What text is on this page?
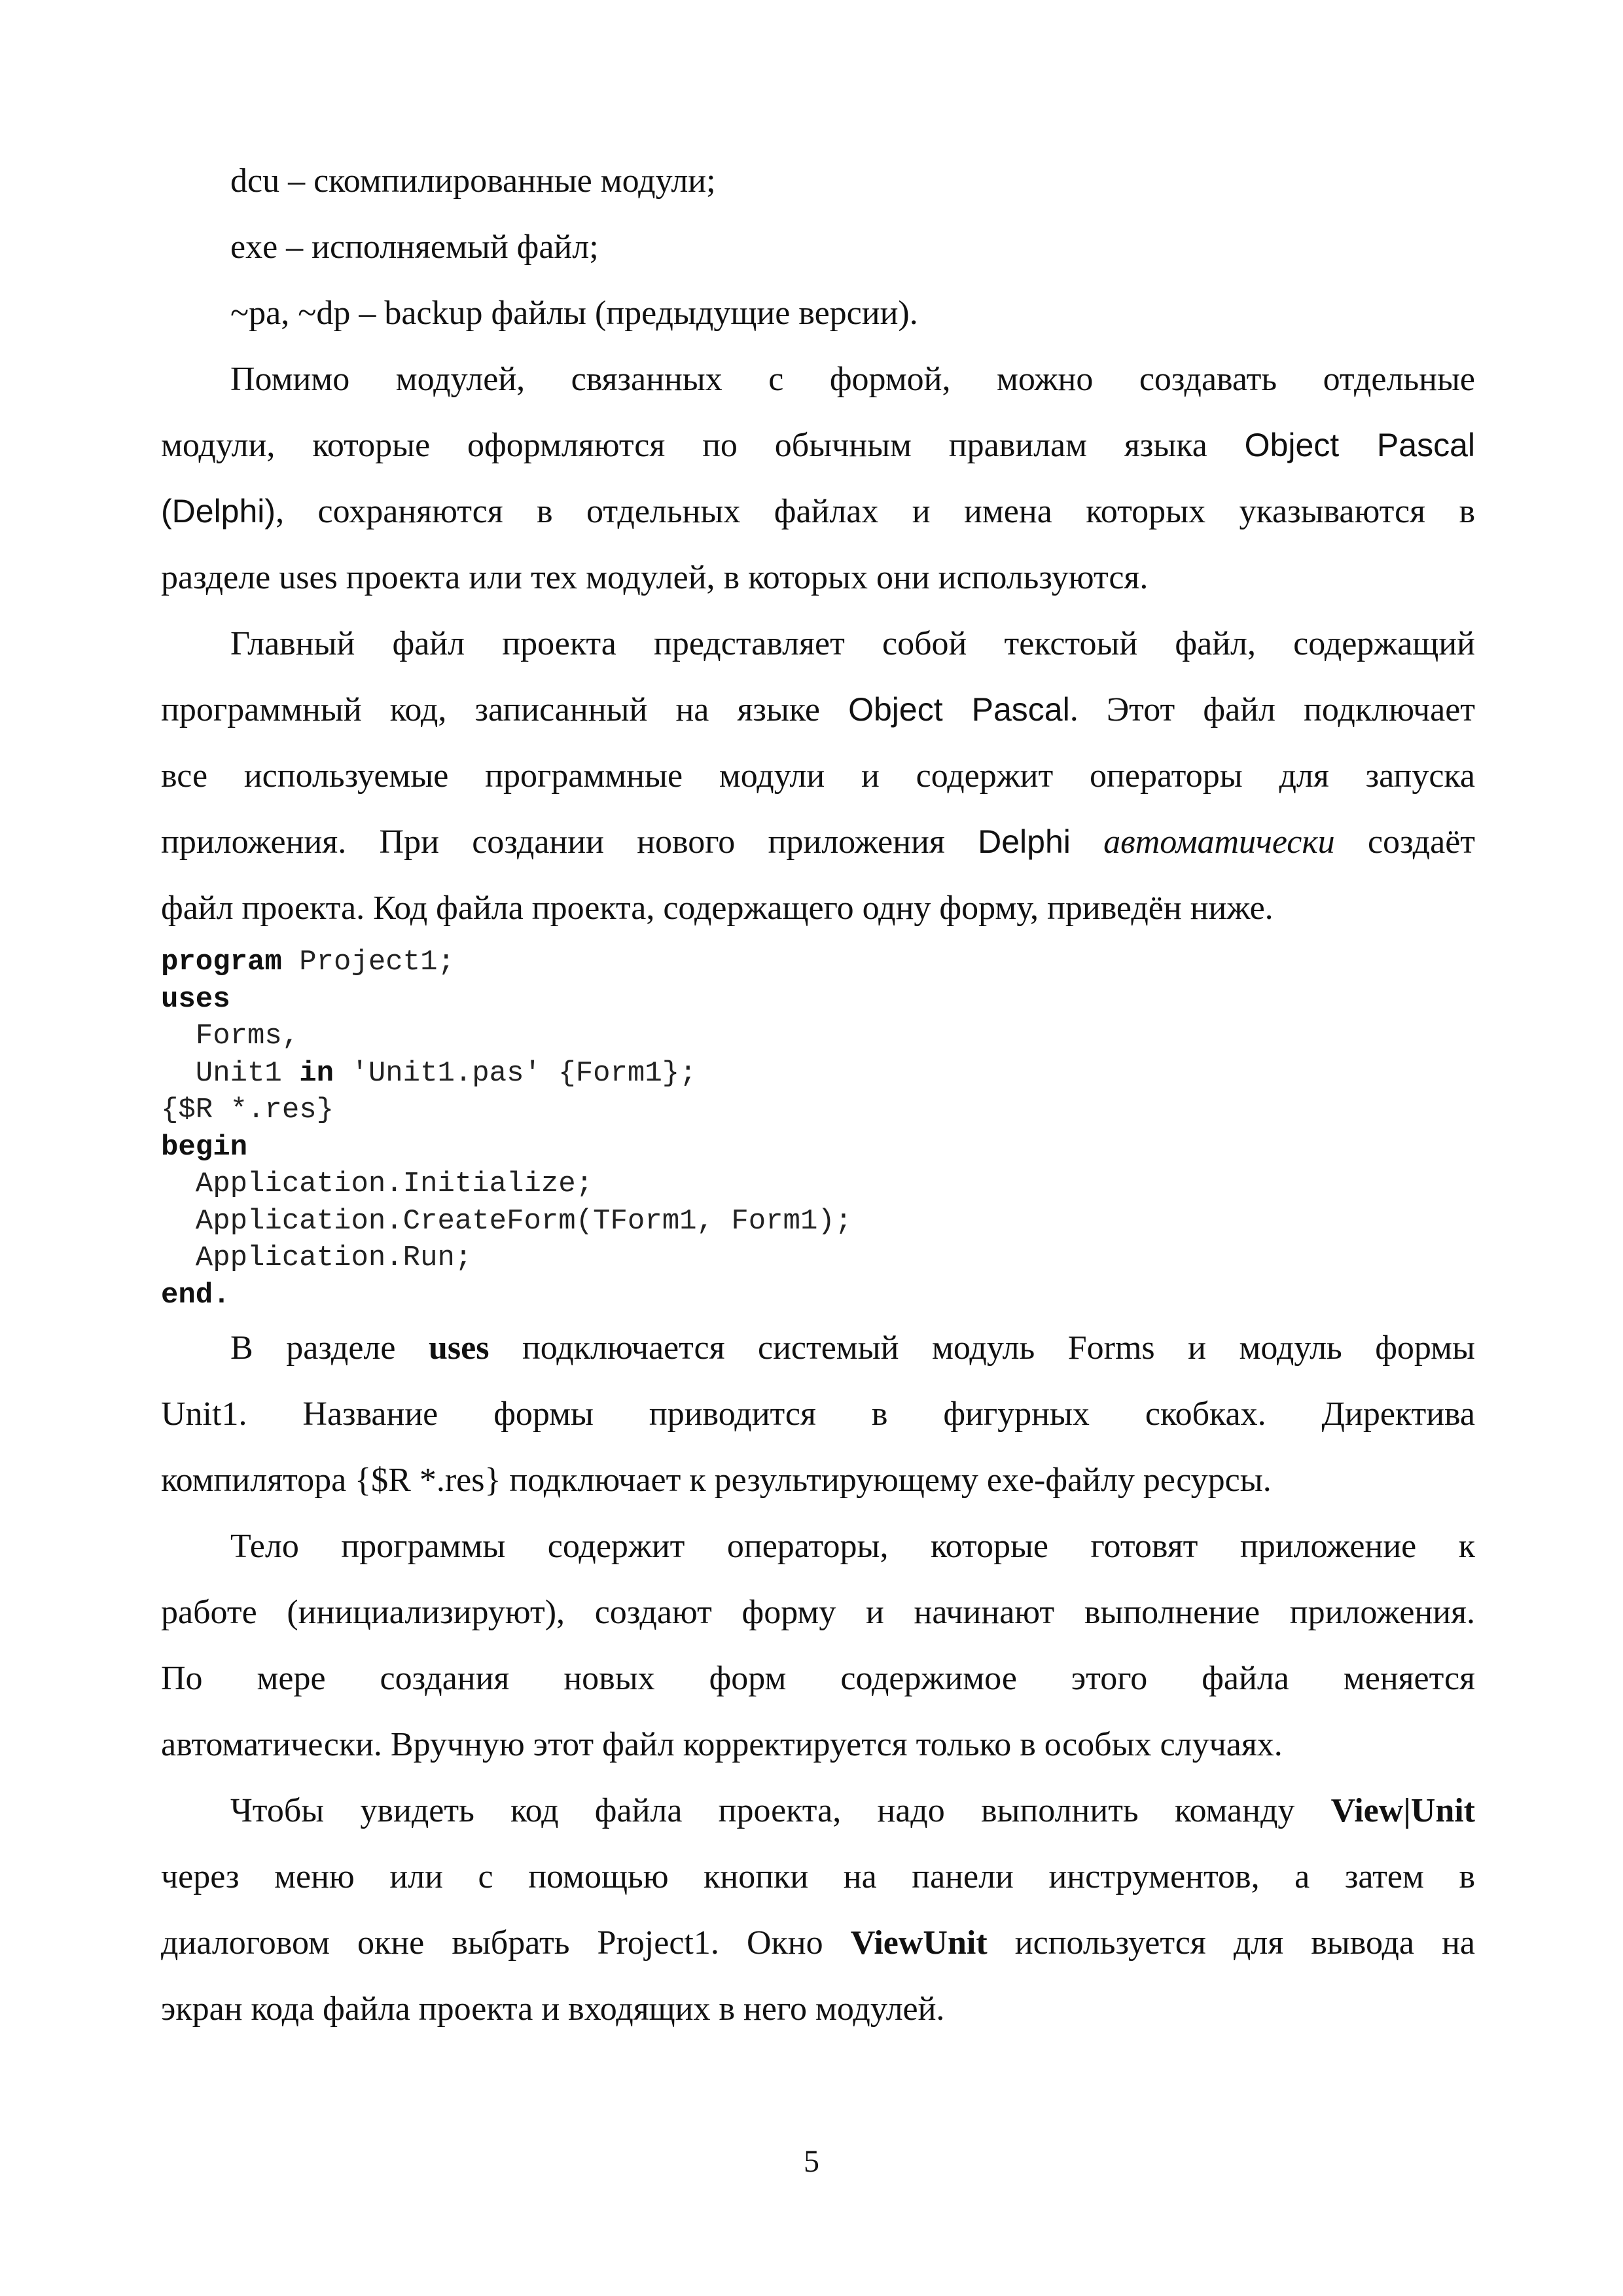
dcu – скомпилированные модули;

exe – исполняемый файл;

~pa, ~dp – backup файлы (предыдущие версии).

Помимо модулей, связанных с формой, можно создавать отдельные

модули, которые оформляются по обычным правилам языка Object Pascal

(Delphi), сохраняются в отдельных файлах и имена которых указываются в

разделе uses проекта или тех модулей, в которых они используются.

Главный файл проекта представляет собой текстоый файл, содержащий

программный код, записанный на языке Object Pascal. Этот файл подключает

все используемые программные модули и содержит операторы для запуска

приложения. При создании нового приложения Delphi автоматически создаёт

файл проекта. Код файла проекта, содержащего одну форму, приведён ниже.

program Project1;

uses

Forms,

Unit1 in 'Unit1.pas' {Form1};

{$R *.res}

begin

Application.Initialize;

Application.CreateForm(TForm1, Form1);

Application.Run;

end.

В разделе uses подключается системый модуль Forms и модуль формы

Unit1. Название формы приводится в фигурных скобках. Директива

компилятора {$R *.res} подключает к результирующему exe-файлу ресурсы.

Тело программы содержит операторы, которые готовят приложение к

работе (инициализируют), создают форму и начинают выполнение приложения.

По мере создания новых форм содержимое этого файла меняется

автоматически. Вручную этот файл корректируется только в особых случаях.

Чтобы увидеть код файла проекта, надо выполнить команду View|Unit

через меню или с помощью кнопки на панели инструментов, а затем в

диалоговом окне выбрать Project1. Окно ViewUnit используется для вывода на

экран кода файла проекта и входящих в него модулей.

5
